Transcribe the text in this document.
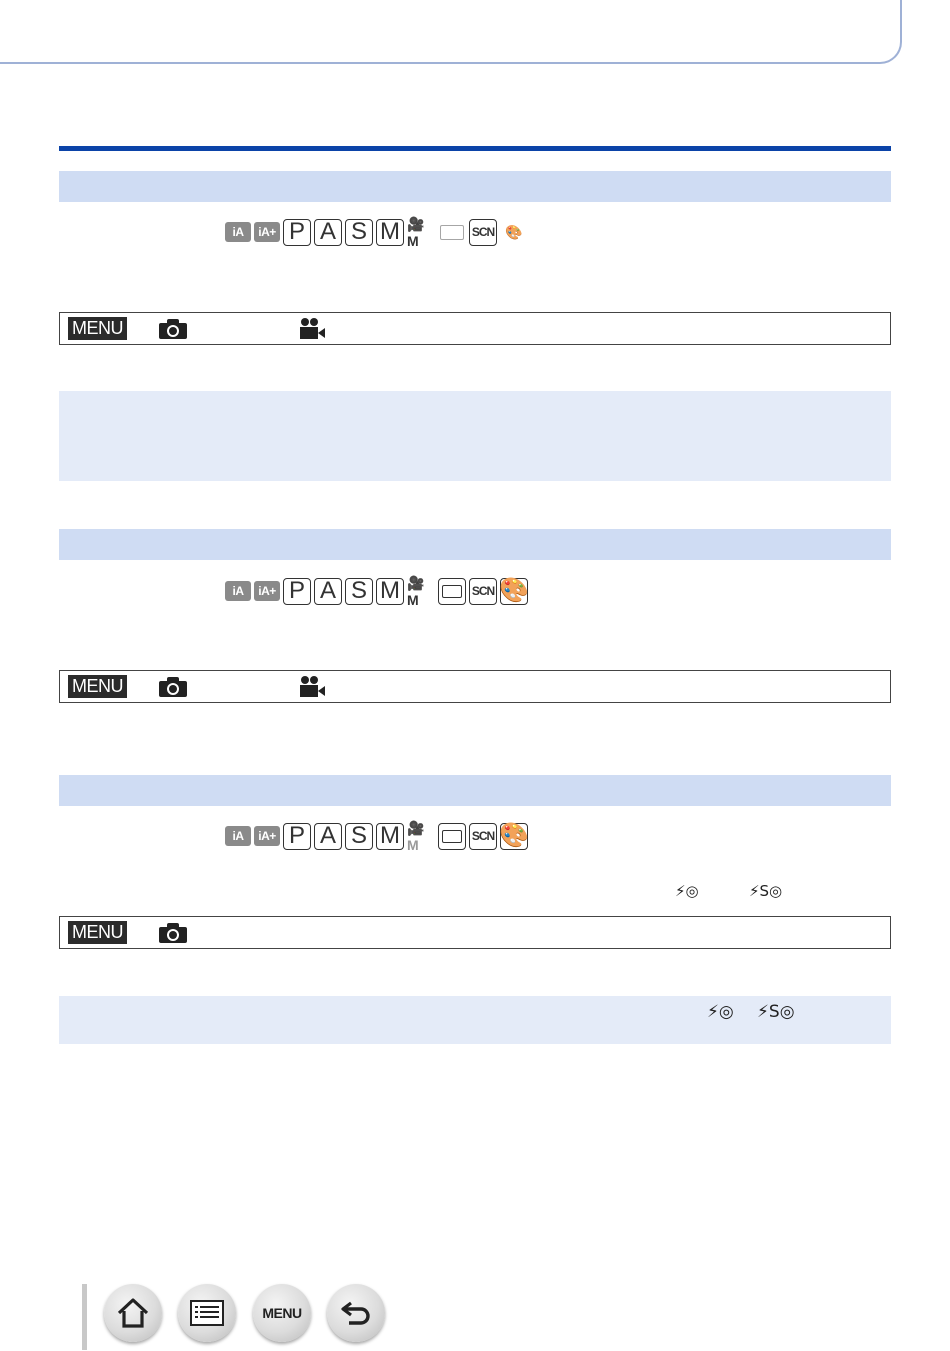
iA	iA+ P A S M 🎥M
SCN 🎨
MENU
iA	iA+ P A S M 🎥M
SCN 🎨
MENU
iA	iA+ P A S M 🎥M
SCN 🎨
⚡◎	⚡S◎
MENU
⚡◎ ⚡S◎
MENU
